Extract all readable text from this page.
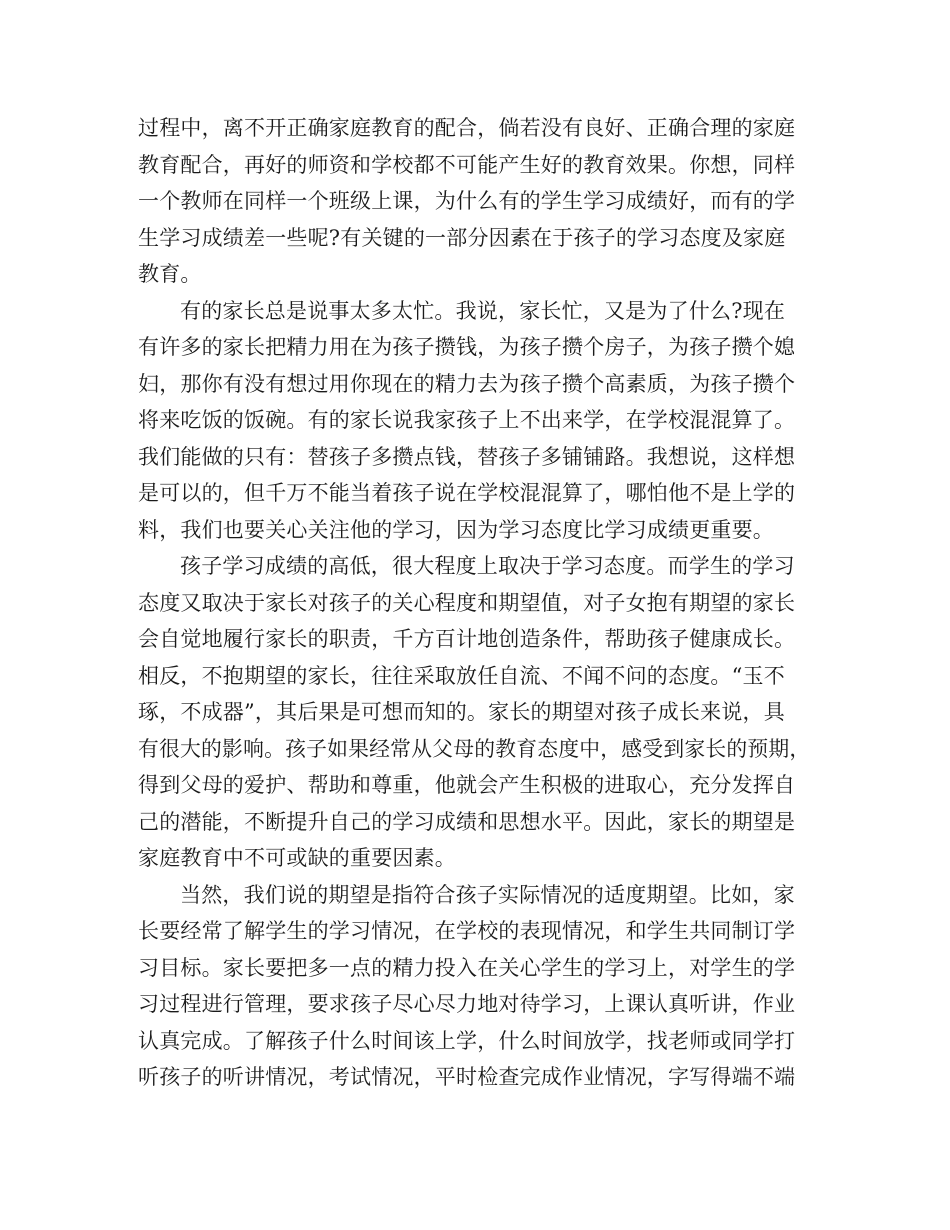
过程中，离不开正确家庭教育的配合，倘若没有良好、正确合理的家庭
教育配合，再好的师资和学校都不可能产生好的教育效果。你想，同样
一个教师在同样一个班级上课，为什么有的学生学习成绩好，而有的学
生学习成绩差一些呢?有关键的一部分因素在于孩子的学习态度及家庭
教育。
有的家长总是说事太多太忙。我说，家长忙，又是为了什么?现在
有许多的家长把精力用在为孩子攒钱，为孩子攒个房子，为孩子攒个媳
妇，那你有没有想过用你现在的精力去为孩子攒个高素质，为孩子攒个
将来吃饭的饭碗。有的家长说我家孩子上不出来学，在学校混混算了。
我们能做的只有：替孩子多攒点钱，替孩子多铺铺路。我想说，这样想
是可以的，但千万不能当着孩子说在学校混混算了，哪怕他不是上学的
料，我们也要关心关注他的学习，因为学习态度比学习成绩更重要。
孩子学习成绩的高低，很大程度上取决于学习态度。而学生的学习
态度又取决于家长对孩子的关心程度和期望值，对子女抱有期望的家长
会自觉地履行家长的职责，千方百计地创造条件，帮助孩子健康成长。
相反，不抱期望的家长，往往采取放任自流、不闻不问的态度。“玉不
琢，不成器”，其后果是可想而知的。家长的期望对孩子成长来说，具
有很大的影响。孩子如果经常从父母的教育态度中，感受到家长的预期，
得到父母的爱护、帮助和尊重，他就会产生积极的进取心，充分发挥自
己的潜能，不断提升自己的学习成绩和思想水平。因此，家长的期望是
家庭教育中不可或缺的重要因素。
当然，我们说的期望是指符合孩子实际情况的适度期望。比如，家
长要经常了解学生的学习情况，在学校的表现情况，和学生共同制订学
习目标。家长要把多一点的精力投入在关心学生的学习上，对学生的学
习过程进行管理，要求孩子尽心尽力地对待学习，上课认真听讲，作业
认真完成。了解孩子什么时间该上学，什么时间放学，找老师或同学打
听孩子的听讲情况，考试情况，平时检查完成作业情况，字写得端不端
